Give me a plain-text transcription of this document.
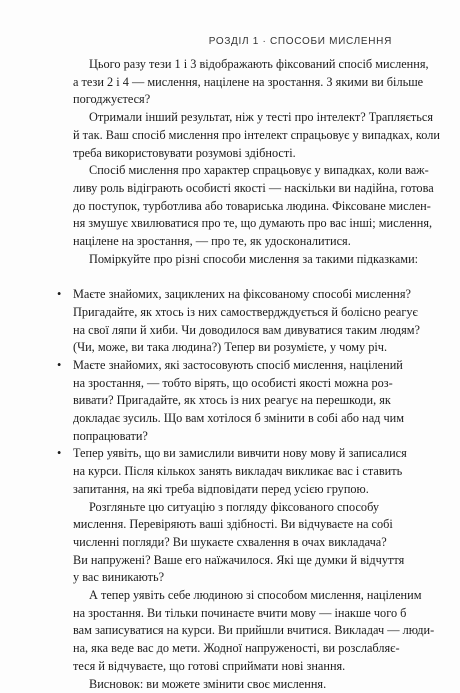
РОЗДІЛ 1 · СПОСОБИ МИСЛЕННЯ

Цього разу тези 1 і 3 відображають фіксований спосіб мислення,
а тези 2 і 4 — мислення, націлене на зростання. З якими ви більше
погоджуєтеся?

Отримали інший результат, ніж у тесті про інтелект? Трапляється
й так. Ваш спосіб мислення про інтелект спрацьовує у випадках, коли
треба використовувати розумові здібності.

Спосіб мислення про характер спрацьовує у випадках, коли важ-
ливу роль відіграють особисті якості — наскільки ви надійна, готова
до поступок, турботлива або товариська людина. Фіксоване мислен-
ня змушує хвилюватися про те, що думають про вас інші; мислення,
націлене на зростання, — про те, як удосконалитися.

Поміркуйте про різні способи мислення за такими підказками:

• Маєте знайомих, зациклених на фіксованому способі мислення?
Пригадайте, як хтось із них самоствердждується й болісно реагує
на свої ляпи й хиби. Чи доводилося вам дивуватися таким людям?
(Чи, може, ви така людина?) Тепер ви розумієте, у чому річ.
• Маєте знайомих, які застосовують спосіб мислення, націлений
на зростання, — тобто вірять, що особисті якості можна роз-
вивати? Пригадайте, як хтось із них реагує на перешкоди, як
докладає зусиль. Що вам хотілося б змінити в собі або над чим
попрацювати?
• Тепер уявіть, що ви замислили вивчити нову мову й записалися
на курси. Після кількох занять викладач викликає вас і ставить
запитання, на які треба відповідати перед усією групою.

Розгляньте цю ситуацію з погляду фіксованого способу
мислення. Перевіряють ваші здібності. Ви відчуваєте на собі
численні погляди? Ви шукаєте схвалення в очах викладача?
Ви напружені? Ваше его наїжачилося. Які ще думки й відчуття
у вас виникають?

А тепер уявіть себе людиною зі способом мислення, націленим
на зростання. Ви тільки починаєте вчити мову — інакше чого б
вам записуватися на курси. Ви прийшли вчитися. Викладач — люди-
на, яка веде вас до мети. Жодної напруженості, ви розслабляє-
теся й відчуваєте, що готові сприймати нові знання.

Висновок: ви можете змінити своє мислення.
